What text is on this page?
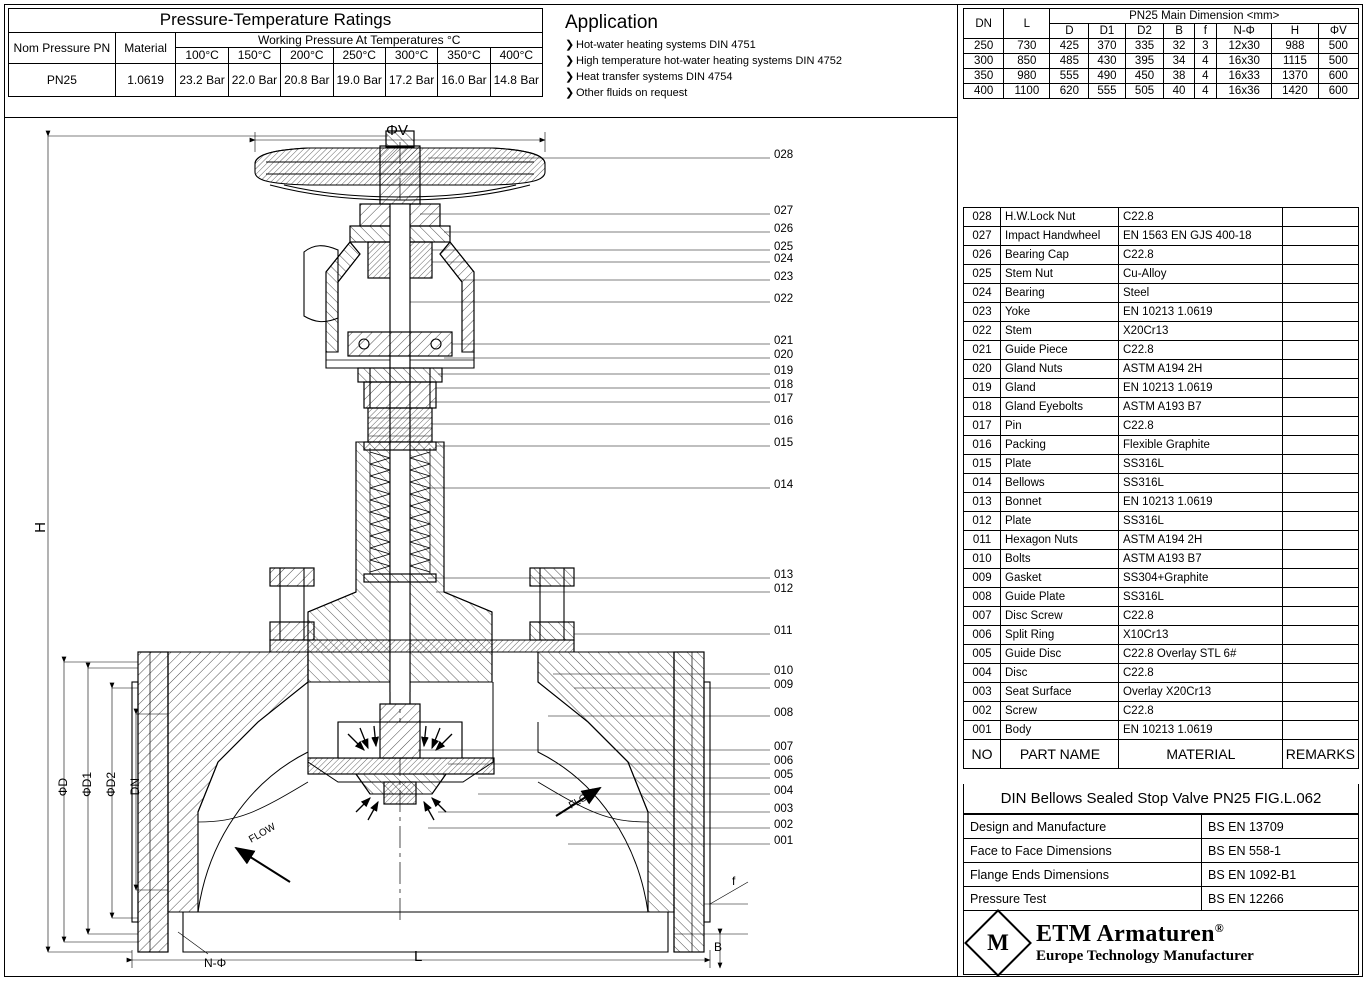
Pressure-Temperature Ratings								
Nom Pressure PN	Material	Working Pressure At Temperatures °C						
		100°C	150°C	200°C	250°C	300°C	350°C	400°C
PN25	1.0619	23.2 Bar	22.0 Bar	20.8 Bar	19.0 Bar	17.2 Bar	16.0 Bar	14.8 Bar
Application
❯ Hot-water heating systems DIN 4751
❯ High temperature hot-water heating systems DIN 4752
❯ Heat transfer systems DIN 4754
❯ Other fluids on request
DN	L	PN25 Main Dimension <mm>							
		D	D1	D2	B	f	N-Φ	H	ΦV
250	730	425	370	335	32	3	12x30	988	500
300	850	485	430	395	34	4	16x30	1115	500
350	980	555	490	450	38	4	16x33	1370	600
400	1100	620	555	505	40	4	16x36	1420	600
028	H.W.Lock Nut	C22.8	
027	Impact Handwheel	EN 1563 EN GJS 400-18	
026	Bearing Cap	C22.8	
025	Stem Nut	Cu-Alloy	
024	Bearing	Steel	
023	Yoke	EN 10213 1.0619	
022	Stem	X20Cr13	
021	Guide Piece	C22.8	
020	Gland Nuts	ASTM A194 2H	
019	Gland	EN 10213 1.0619	
018	Gland Eyebolts	ASTM A193 B7	
017	Pin	C22.8	
016	Packing	Flexible Graphite	
015	Plate	SS316L	
014	Bellows	SS316L	
013	Bonnet	EN 10213 1.0619	
012	Plate	SS316L	
011	Hexagon Nuts	ASTM A194 2H	
010	Bolts	ASTM A193 B7	
009	Gasket	SS304+Graphite	
008	Guide Plate	SS316L	
007	Disc Screw	C22.8	
006	Split Ring	X10Cr13	
005	Guide Disc	C22.8 Overlay STL 6#	
004	Disc	C22.8	
003	Seat Surface	Overlay X20Cr13	
002	Screw	C22.8	
001	Body	EN 10213 1.0619	
NO	PART NAME	MATERIAL	REMARKS
DIN Bellows Sealed Stop Valve PN25 FIG.L.062
Design and Manufacture	BS EN 13709
Face to Face Dimensions	BS EN 558-1
Flange Ends Dimensions	BS EN 1092-B1
Pressure Test	BS EN 12266
M	ETM Armaturen®
Europe Technology Manufacturer
028
027
026
025
024
023
022
021
020
019
018
017
016
015
014
013
012
011
010
009
008
007
006
005
004
003
002
001
ΦV
H
L
B
f
DN
ΦD ΦD1 ΦD2
N-Φ
FLOW
FLOW
